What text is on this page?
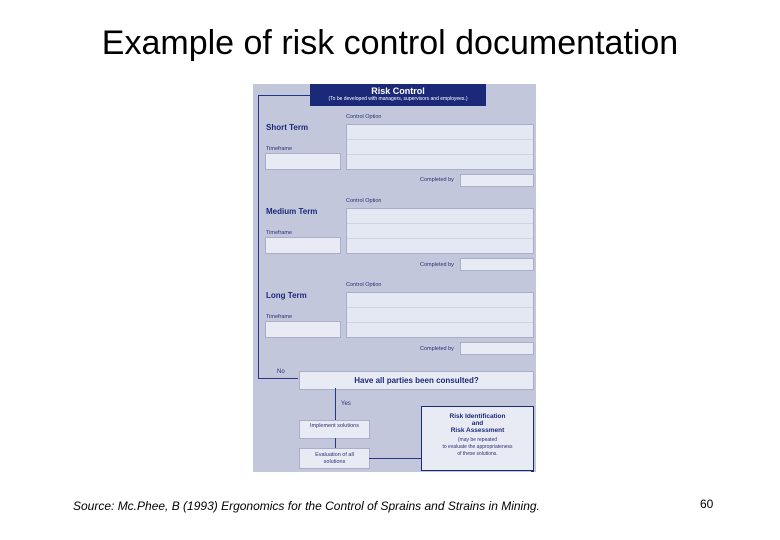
Example of risk control documentation
Risk Control
(To be developed with managers, supervisors and employees.)
Control Option
Short Term
Timeframe
Completed by
Control Option
Medium Term
Timeframe
Completed by
Control Option
Long Term
Timeframe
Completed by
No
Have all parties been consulted?
Yes
Implement solutions
Evaluation of all solutions
Risk Identification
and
Risk Assessment
(may be repeated
to evaluate the appropriateness
of these solutions.
Source: Mc.Phee, B (1993) Ergonomics for the Control of Sprains and Strains in Mining.	60
